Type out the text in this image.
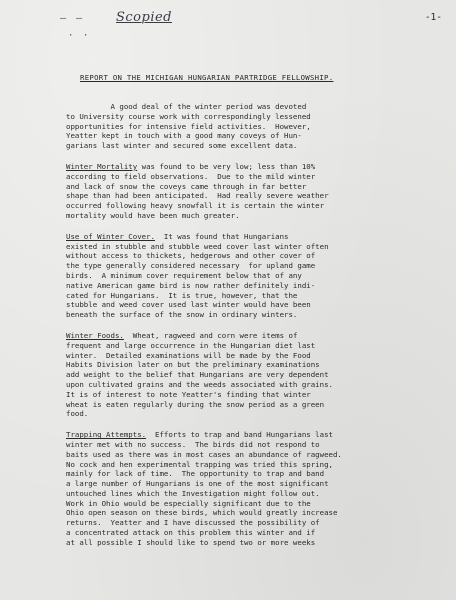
– –
· ·
Scopied	-1-
REPORT ON THE MICHIGAN HUNGARIAN PARTRIDGE FELLOWSHIP.
A good deal of the winter period was devoted
to University course work with correspondingly lessened
opportunities for intensive field activities.  However,
Yeatter kept in touch with a good many coveys of Hun-
garians last winter and secured some excellent data.
Winter Mortality was found to be very low; less than 10%
according to field observations.  Due to the mild winter
and lack of snow the coveys came through in far better
shape than had been anticipated.  Had really severe weather
occurred following heavy snowfall it is certain the winter
mortality would have been much greater.
Use of Winter Cover.  It was found that Hungarians
existed in stubble and stubble weed cover last winter often
without access to thickets, hedgerows and other cover of
the type generally considered necessary  for upland game
birds.  A minimum cover requirement below that of any
native American game bird is now rather definitely indi-
cated for Hungarians.  It is true, however, that the
stubble and weed cover used last winter would have been
beneath the surface of the snow in ordinary winters.
Winter Foods.  Wheat, ragweed and corn were items of
frequent and large occurrence in the Hungarian diet last
winter.  Detailed examinations will be made by the Food
Habits Division later on but the preliminary examinations
add weight to the belief that Hungarians are very dependent
upon cultivated grains and the weeds associated with grains.
It is of interest to note Yeatter's finding that winter
wheat is eaten regularly during the snow period as a green
food.
Trapping Attempts.  Efforts to trap and band Hungarians last
winter met with no success.  The birds did not respond to
baits used as there was in most cases an abundance of ragweed.
No cock and hen experimental trapping was tried this spring,
mainly for lack of time.  The opportunity to trap and band
a large number of Hungarians is one of the most significant
untouched lines which the Investigation might follow out.
Work in Ohio would be especially significant due to the
Ohio open season on these birds, which would greatly increase
returns.  Yeatter and I have discussed the possibility of
a concentrated attack on this problem this winter and if
at all possible I should like to spend two or more weeks
